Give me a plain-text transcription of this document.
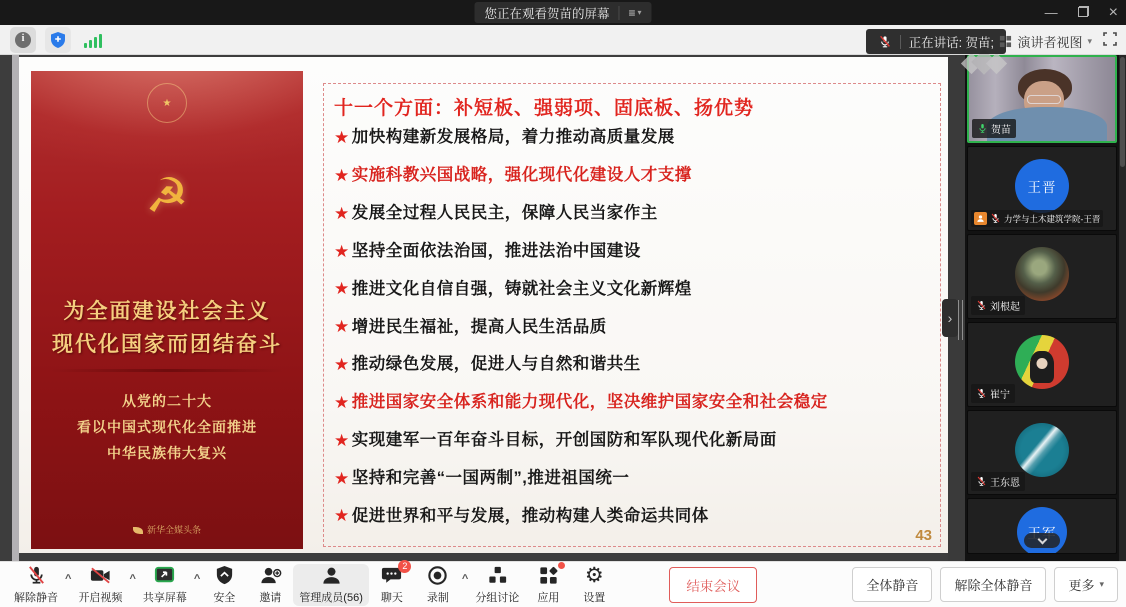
您正在观看贺苗的屏幕 ≡ ▾	—	×
i
正在讲话: 贺苗; 演讲者视图 ▾
★
☭
为全面建设社会主义
现代化国家而团结奋斗
从党的二十大
看以中国式现代化全面推进
中华民族伟大复兴
新华全媒头条
十一个方面：补短板、强弱项、固底板、扬优势
★ 加快构建新发展格局，着力推动高质量发展
★ 实施科教兴国战略，强化现代化建设人才支撑
★ 发展全过程人民民主，保障人民当家作主
★ 坚持全面依法治国，推进法治中国建设
★ 推进文化自信自强，铸就社会主义文化新辉煌
★ 增进民生福祉，提高人民生活品质
★ 推动绿色发展，促进人与自然和谐共生
★ 推进国家安全体系和能力现代化，坚决维护国家安全和社会稳定
★ 实现建军一百年奋斗目标，开创国防和军队现代化新局面
★ 坚持和完善“一国两制”,推进祖国统一
★ 促进世界和平与发展，推动构建人类命运共同体
43
›
贺苗
王晋
力学与土木建筑学院-王晋
刘根起
崔宁
王东恩
解除静音
^
开启视频
^
共享屏幕
^
安全 邀请 管理成员(56)
2
聊天 录制
^
分组讨论 应用
⚙
设置
结束会议	全体静音	解除全体静音	更多 ▾
